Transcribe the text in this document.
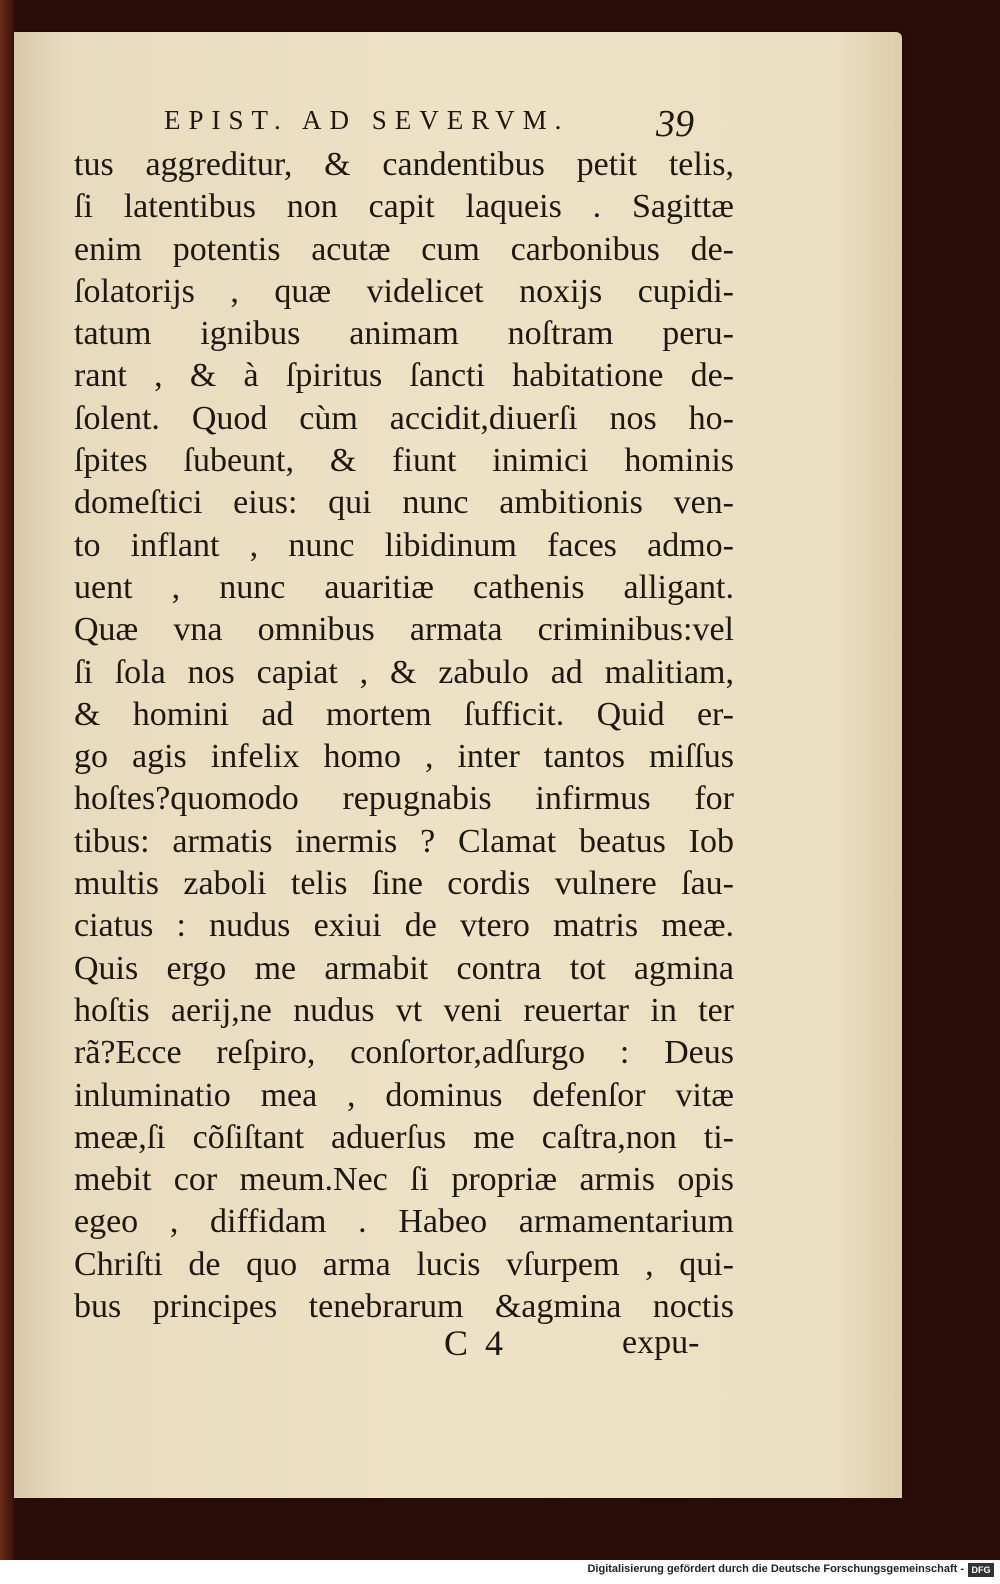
EPIST. AD SEVERVM. 39
tus aggreditur, & candentibus petit telis,
ſi latentibus non capit laqueis . Sagittæ
enim potentis acutæ cum carbonibus de-
ſolatorijs , quæ videlicet noxijs cupidi-
tatum ignibus animam noſtram peru-
rant , & à ſpiritus ſancti habitatione de-
ſolent. Quod cùm accidit,diuerſi nos ho-
ſpites ſubeunt, & fiunt inimici hominis
domeſtici eius: qui nunc ambitionis ven-
to inflant , nunc libidinum faces admo-
uent , nunc auaritiæ cathenis alligant.
Quæ vna omnibus armata criminibus:vel
ſi ſola nos capiat , & zabulo ad malitiam,
& homini ad mortem ſufficit. Quid er-
go agis infelix homo , inter tantos miſſus
hoſtes?quomodo repugnabis infirmus for
tibus: armatis inermis ? Clamat beatus Iob
multis zaboli telis ſine cordis vulnere ſau-
ciatus : nudus exiui de vtero matris meæ.
Quis ergo me armabit contra tot agmina
hoſtis aerij,ne nudus vt veni reuertar in ter
rã?Ecce reſpiro, conſortor,adſurgo : Deus
inluminatio mea , dominus defenſor vitæ
meæ,ſi cõſiſtant aduerſus me caſtra,non ti-
mebit cor meum.Nec ſi propriæ armis opis
egeo , diffidam . Habeo armamentarium
Chriſti de quo arma lucis vſurpem , qui-
bus principes tenebrarum &agmina noctis
C 4	expu-
Digitalisierung gefördert durch die Deutsche Forschungsgemeinschaft - DFG
